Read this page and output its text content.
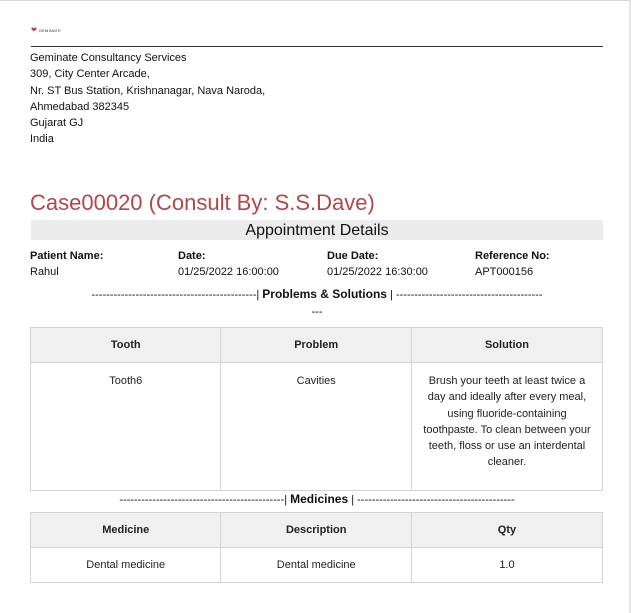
❤ GEMINATE
Geminate Consultancy Services
309, City Center Arcade,
Nr. ST Bus Station, Krishnanagar, Nava Naroda,
Ahmedabad 382345
Gujarat GJ
India
Case00020 (Consult By: S.S.Dave)
Appointment Details
Patient Name:
Rahul
Date:
01/25/2022 16:00:00
Due Date:
01/25/2022 16:30:00
Reference No:
APT000156
---------------------------------------------| Problems & Solutions | ----------------------------------------
---
Tooth	Problem	Solution
Tooth6	Cavities	Brush your teeth at least twice a day and ideally after every meal, using fluoride-containing toothpaste. To clean between your teeth, floss or use an interdental cleaner.
---------------------------------------------| Medicines | -------------------------------------------
Medicine	Description	Qty
Dental medicine	Dental medicine	1.0
